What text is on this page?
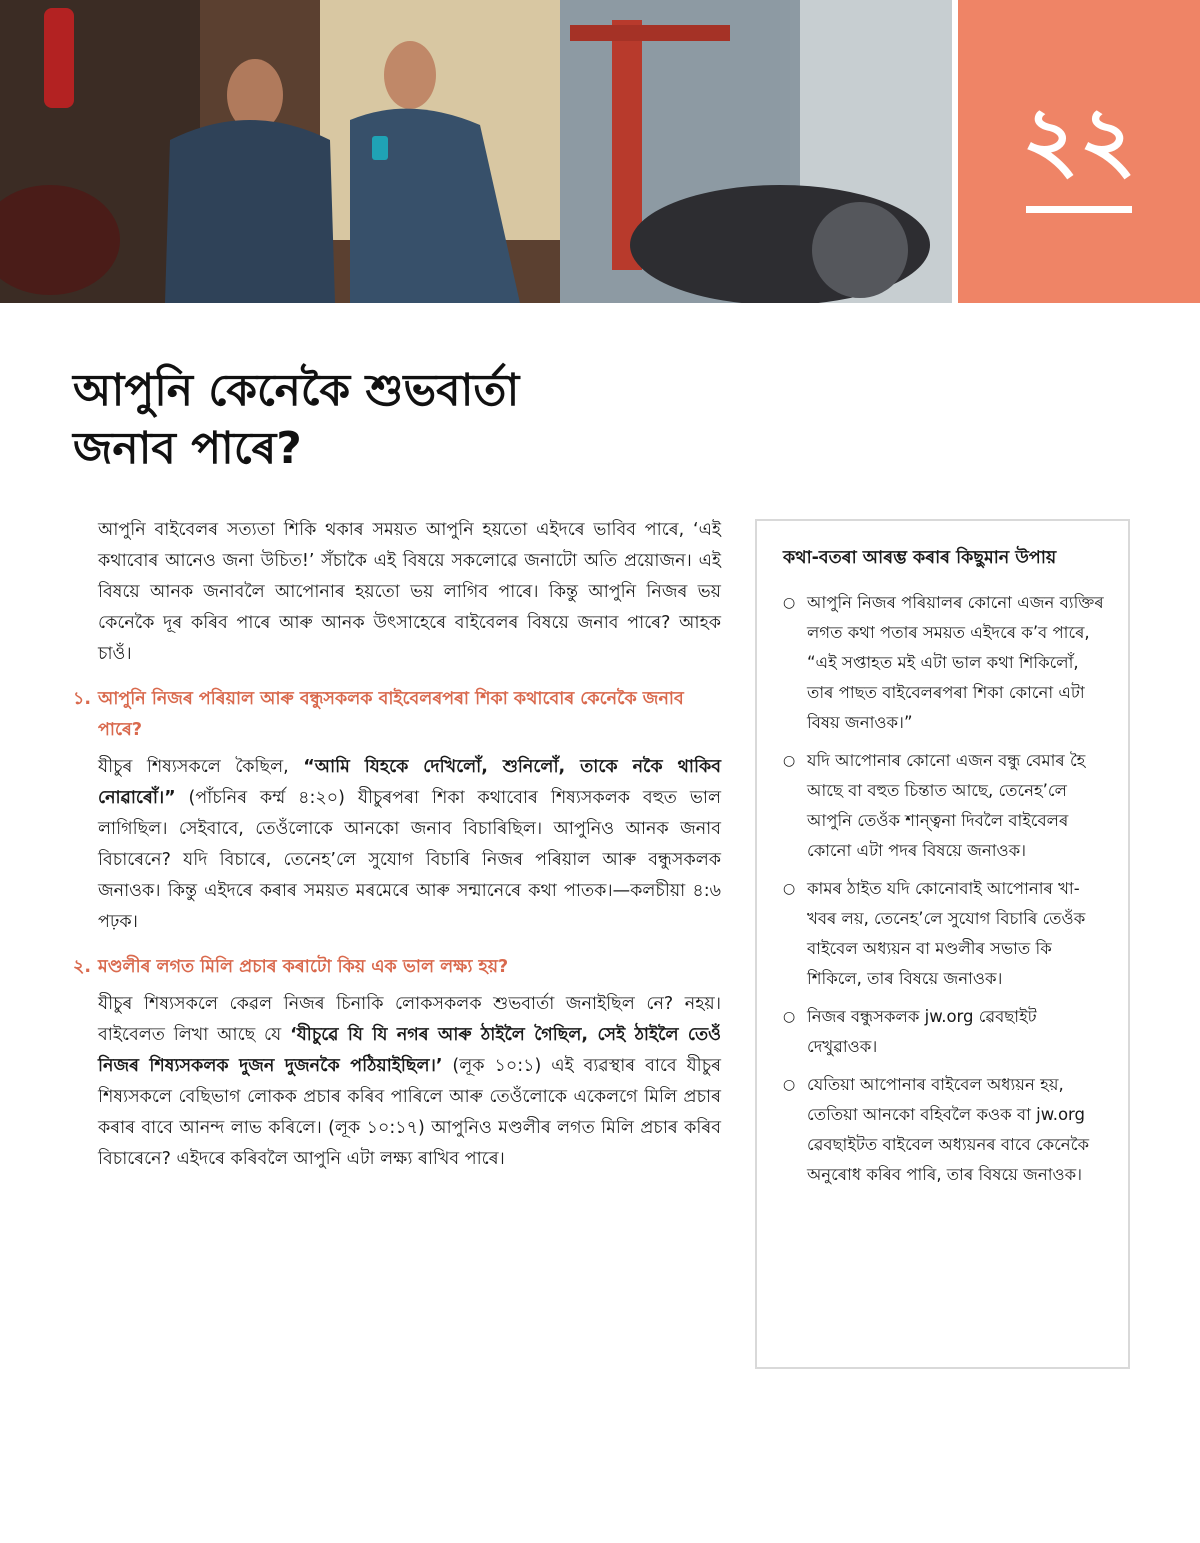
২২
আপুনি কেনেকৈ শুভবাৰ্তা
জনাব পাৰে?

আপুনি বাইবেলৰ সত্যতা শিকি থকাৰ সময়ত আপুনি হয়তো এইদৰে ভাবিব পাৰে, ‘এই কথাবোৰ আনেও জনা উচিত!’ সঁচাকৈ এই বিষয়ে সকলোৱে জনাটো অতি প্ৰয়োজন। এই বিষয়ে আনক জনাবলৈ আপোনাৰ হয়তো ভয় লাগিব পাৰে। কিন্তু আপুনি নিজৰ ভয় কেনেকৈ দূৰ কৰিব পাৰে আৰু আনক উৎসাহেৰে বাইবেলৰ বিষয়ে জনাব পাৰে? আহক চাওঁ।

১. আপুনি নিজৰ পৰিয়াল আৰু বন্ধুসকলক বাইবেলৰপৰা শিকা কথাবোৰ কেনেকৈ জনাব পাৰে?

যীচুৰ শিষ্যসকলে কৈছিল, “আমি যিহকে দেখিলোঁ, শুনিলোঁ, তাকে নকৈ থাকিব নোৱাৰোঁ।” (পাঁচনিৰ কৰ্ম্ম ৪:২০) যীচুৰপৰা শিকা কথাবোৰ শিষ্যসকলক বহুত ভাল লাগিছিল। সেইবাবে, তেওঁলোকে আনকো জনাব বিচাৰিছিল। আপুনিও আনক জনাব বিচাৰেনে? যদি বিচাৰে, তেনেহ’লে সুযোগ বিচাৰি নিজৰ পৰিয়াল আৰু বন্ধুসকলক জনাওক। কিন্তু এইদৰে কৰাৰ সময়ত মৰমেৰে আৰু সন্মানেৰে কথা পাতক।—কলচীয়া ৪:৬ পঢ়ক।

২. মণ্ডলীৰ লগত মিলি প্ৰচাৰ কৰাটো কিয় এক ভাল লক্ষ্য হয়?

যীচুৰ শিষ্যসকলে কেৱল নিজৰ চিনাকি লোকসকলক শুভবাৰ্তা জনাইছিল নে? নহয়। বাইবেলত লিখা আছে যে ‘যীচুৱে যি যি নগৰ আৰু ঠাইলৈ গৈছিল, সেই ঠাইলৈ তেওঁ নিজৰ শিষ্যসকলক দুজন দুজনকৈ পঠিয়াইছিল।’ (লূক ১০:১) এই ব্যৱস্থাৰ বাবে যীচুৰ শিষ্যসকলে বেছিভাগ লোকক প্ৰচাৰ কৰিব পাৰিলে আৰু তেওঁলোকে একেলগে মিলি প্ৰচাৰ কৰাৰ বাবে আনন্দ লাভ কৰিলে। (লূক ১০:১৭) আপুনিও মণ্ডলীৰ লগত মিলি প্ৰচাৰ কৰিব বিচাৰেনে? এইদৰে কৰিবলৈ আপুনি এটা লক্ষ্য ৰাখিব পাৰে।

কথা-বতৰা আৰম্ভ কৰাৰ কিছুমান উপায়
○ আপুনি নিজৰ পৰিয়ালৰ কোনো এজন ব্যক্তিৰ লগত কথা পতাৰ সময়ত এইদৰে ক’ব পাৰে, “এই সপ্তাহত মই এটা ভাল কথা শিকিলোঁ, তাৰ পাছত বাইবেলৰপৰা শিকা কোনো এটা বিষয় জনাওক।”
○ যদি আপোনাৰ কোনো এজন বন্ধু বেমাৰ হৈ আছে বা বহুত চিন্তাত আছে, তেনেহ’লে আপুনি তেওঁক শান্ত্বনা দিবলৈ বাইবেলৰ কোনো এটা পদৰ বিষয়ে জনাওক।
○ কামৰ ঠাইত যদি কোনোবাই আপোনাৰ খা-খবৰ লয়, তেনেহ’লে সুযোগ বিচাৰি তেওঁক বাইবেল অধ্যয়ন বা মণ্ডলীৰ সভাত কি শিকিলে, তাৰ বিষয়ে জনাওক।
○ নিজৰ বন্ধুসকলক jw.org ৱেবছাইট দেখুৱাওক।
○ যেতিয়া আপোনাৰ বাইবেল অধ্যয়ন হয়, তেতিয়া আনকো বহিবলৈ কওক বা jw.org ৱেবছাইটত বাইবেল অধ্যয়নৰ বাবে কেনেকৈ অনুৰোধ কৰিব পাৰি, তাৰ বিষয়ে জনাওক।
